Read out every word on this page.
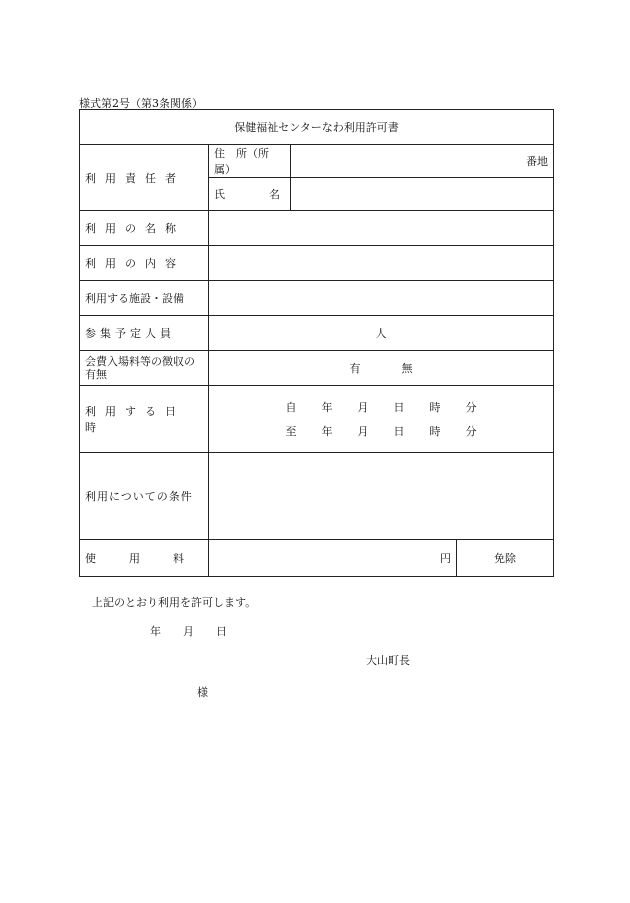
様式第2号（第3条関係）
保健福祉センターなわ利用許可書			
利用責任者	住　所（所属）	番地	
	氏　　　　名		
利用の名称			
利用の内容			
利用する施設・設備			
参集予定人員	人		
会費入場料等の徴収の有無	有 無		
利用する日時	自 年 月 日 時 分
至 年 月 日 時 分		

利用についての条件			
使　　　用　　　料	円		免除
上記のとおり利用を許可します。
年　　月　　日
大山町長
様
